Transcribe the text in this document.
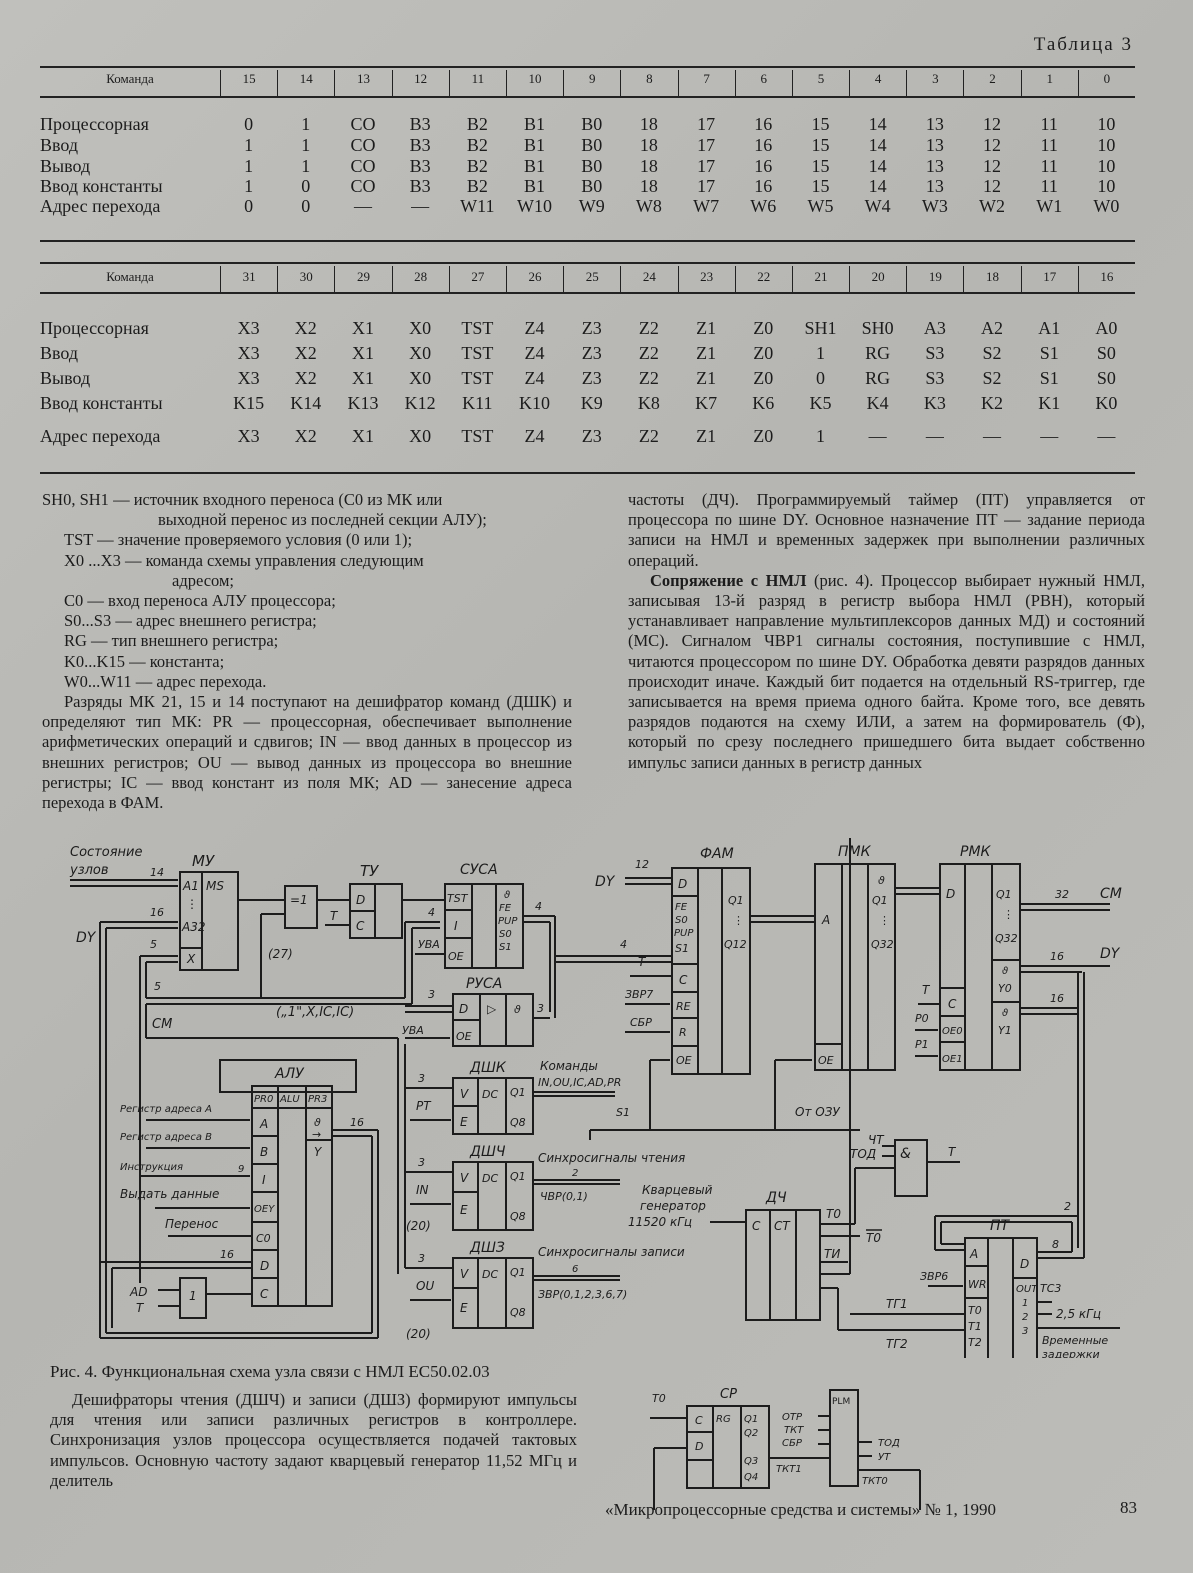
Таблица 3
Команда	15	14	13	12	11	10	9	8	7	6	5	4	3	2	1	0
Процессорная	0	1	CO	B3	B2	B1	B0	18	17	16	15	14	13	12	11	10
Ввод	1	1	CO	B3	B2	B1	B0	18	17	16	15	14	13	12	11	10
Вывод	1	1	CO	B3	B2	B1	B0	18	17	16	15	14	13	12	11	10
Ввод константы	1	0	CO	B3	B2	B1	B0	18	17	16	15	14	13	12	11	10
Адрес перехода	0	0	—	—	W11	W10	W9	W8	W7	W6	W5	W4	W3	W2	W1	W0
Команда	31	30	29	28	27	26	25	24	23	22	21	20	19	18	17	16
Процессорная	X3	X2	X1	X0	TST	Z4	Z3	Z2	Z1	Z0	SH1	SH0	A3	A2	A1	A0
Ввод	X3	X2	X1	X0	TST	Z4	Z3	Z2	Z1	Z0	1	RG	S3	S2	S1	S0
Вывод	X3	X2	X1	X0	TST	Z4	Z3	Z2	Z1	Z0	0	RG	S3	S2	S1	S0
Ввод константы	K15	K14	K13	K12	K11	K10	K9	K8	K7	K6	K5	K4	K3	K2	K1	K0
Адрес перехода	X3	X2	X1	X0	TST	Z4	Z3	Z2	Z1	Z0	1	—	—	—	—	—

SH0, SH1 — источник входного переноса (C0 из МК или

выходной перенос из последней секции АЛУ);

TST — значение проверяемого условия (0 или 1);

X0 ...X3 — команда схемы управления следующим

адресом;

C0 — вход переноса АЛУ процессора;

S0...S3 — адрес внешнего регистра;

RG — тип внешнего регистра;

K0...K15 — константа;

W0...W11 — адрес перехода.

Разряды МК 21, 15 и 14 поступают на дешифратор команд (ДШК) и определяют тип МК: PR — процессорная, обеспечивает выполнение арифметических операций и сдвигов; IN — ввод данных в процессор из внешних регистров; OU — вывод данных из процессора во внешние регистры; IC — ввод констант из поля МК; AD — занесение адреса перехода в ФАМ.

частоты (ДЧ). Программируемый таймер (ПТ) управляется от процессора по шине DY. Основное назначение ПТ — задание периода записи на НМЛ и временных задержек при выполнении различных операций.

Сопряжение с НМЛ (рис. 4). Процессор выбирает нужный НМЛ, записывая 13-й разряд в регистр выбора НМЛ (РВН), который устанавливает направление мультиплексоров данных МД) и состояний (МС). Сигналом ЧВР1 сигналы состояния, поступившие с НМЛ, читаются процессором по шине DY. Обработка девяти разрядов данных происходит иначе. Каждый бит подается на отдельный RS-триггер, где записывается на время приема одного байта. Кроме того, все девять разрядов подаются на схему ИЛИ, а затем на формирователь (Ф), который по срезу последнего пришедшего бита выдает собственно импульс записи данных в регистр данных

МУ
A1
⋮
A32
X
MS
Состояние
узлов	14
16
DY	5
5
CM
(„1",X,IC,IC)
=1
(27)
ТУ
D
C
T
СУСА
TST
I
OE
ϑ
FE
PUP
S0
S1
4
УВА
4
4
РУСА
D
OE
▷ ϑ
3
УВА
3
ФАМ
D
FE
S0
PUP
S1
C
RE
R
OE
Q1
⋮
Q12
DY
12
T
ЗВР7
СБР
ПМК
A
OE
ϑ
Q1
⋮
Q32
РМК
D
C
OE0
OE1
Q1
⋮
Q32
ϑ
Y0
ϑ
Y1
T
P0
P1
32 CM
16	DY
16
АЛУ
PR0 ALU PR3
A
B
I
OEY
C0
D
C
ϑ
→
Y
Регистр адреса A
Регистр адреса B
Инструкция	9
Выдать данные
Перенос
16
16
1
AD
T
ДШК
V
E
DC Q1
Q8
ДШЧ
V
E
DC Q1
Q8
ДШЗ
V
E
DC Q1
Q8
3
3
3
PT
IN
(20)
OU
(20)
Команды
IN,OU,IC,AD,PR
S1	От ОЗУ
Синхросигналы чтения
2
ЧВР(0,1)
Синхросигналы записи
6
ЗВР(0,1,2,3,6,7)
ДЧ
C CT
Кварцевый
генератор
11520 кГц
T0
T0
ТИ
ТГ1
ТГ2
&
ЧТ
ТОД	T
ПТ
A
WR
T0
T1
T2
D
OUT
1
2
3
2
8
ЗВР6
TC3
2,5 кГц
Временные
задержки
Рис. 4. Функциональная схема узла связи с НМЛ ЕС50.02.03

Дешифраторы чтения (ДШЧ) и записи (ДШЗ) формируют импульсы для чтения или записи различных регистров в контроллере. Синхронизация узлов процессора осуществляется подачей тактовых импульсов. Основную частоту задают кварцевый генератор 11,52 МГц и делитель

СР
C
D
RG Q1
Q2
Q3
Q4
T0	PLM
ОТР
ТКТ
СБР
ТКТ1
ТОД
УТ
ТКТ0
«Микропроцессорные средства и системы» № 1, 1990	83
